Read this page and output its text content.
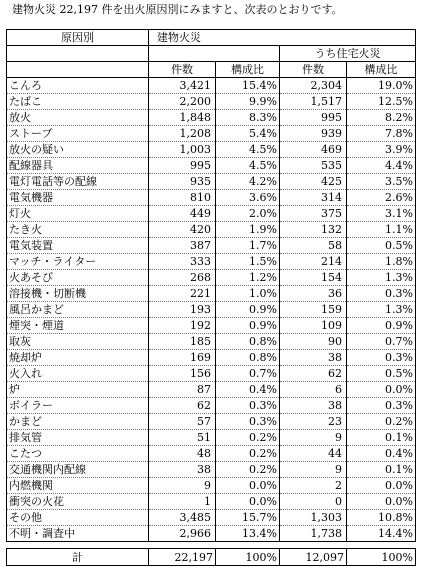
建物火災 22,197 件を出火原因別にみますと、次表のとおりです。
原因別	建物火災			
			うち住宅火災	

	件数	構成比	件数	構成比
こんろ	3,421	15.4%	2,304	19.0%
たばこ	2,200	9.9%	1,517	12.5%
放火	1,848	8.3%	995	8.2%
ストーブ	1,208	5.4%	939	7.8%
放火の疑い	1,003	4.5%	469	3.9%
配線器具	995	4.5%	535	4.4%
電灯電話等の配線	935	4.2%	425	3.5%
電気機器	810	3.6%	314	2.6%
灯火	449	2.0%	375	3.1%
たき火	420	1.9%	132	1.1%
電気装置	387	1.7%	58	0.5%
マッチ・ライター	333	1.5%	214	1.8%
火あそび	268	1.2%	154	1.3%
溶接機・切断機	221	1.0%	36	0.3%
風呂かまど	193	0.9%	159	1.3%
煙突・煙道	192	0.9%	109	0.9%
取灰	185	0.8%	90	0.7%
焼却炉	169	0.8%	38	0.3%
火入れ	156	0.7%	62	0.5%
炉	87	0.4%	6	0.0%
ボイラー	62	0.3%	38	0.3%
かまど	57	0.3%	23	0.2%
排気管	51	0.2%	9	0.1%
こたつ	48	0.2%	44	0.4%
交通機関内配線	38	0.2%	9	0.1%
内燃機関	9	0.0%	2	0.0%
衝突の火花	1	0.0%	0	0.0%
その他	3,485	15.7%	1,303	10.8%
不明・調査中	2,966	13.4%	1,738	14.4%
計	22,197	100%	12,097	100%
